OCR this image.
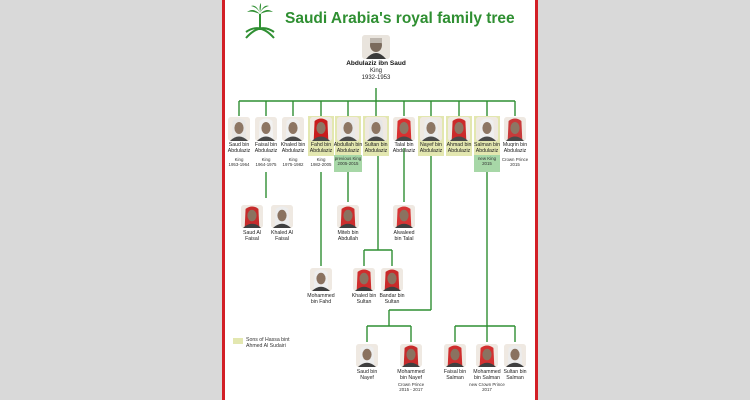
Saudi Arabia's royal family tree
Abdulaziz ibn Saud
King
1932-1953
Saud bin
Abdulaziz
King
1953-1964
Faisal bin
Abdulaziz
King
1964-1975
Khaled bin
Abdulaziz
King
1975-1982
Fahd bin
Abdulaziz
King
1982-2005
Abdullah bin
Abdulaziz
previous King
2005-2015
Sultan bin
Abdulaziz
Talal bin
Abdulaziz
Nayef bin
Abdulaziz
Ahmad bin
Abdulaziz
Salman bin
Abdulaziz
new King
2015
Muqrin bin
Abdulaziz
Crown Prince
2015
Saud Al
Faisal
Khaled Al
Faisal
Miteb bin
Abdullah
Alwaleed
bin Talal
Mohammed
bin Fahd
Khaled bin
Sultan
Bandar bin
Sultan
Saud bin
Nayef
Mohammed
bin Nayef
Faisal bin
Salman
Mohammed
bin Salman
Sultan bin
Salman
Crown Prince
2015 - 2017
new Crown Prince
2017
Sons of Hassa bint
Ahmed Al Sudairi
